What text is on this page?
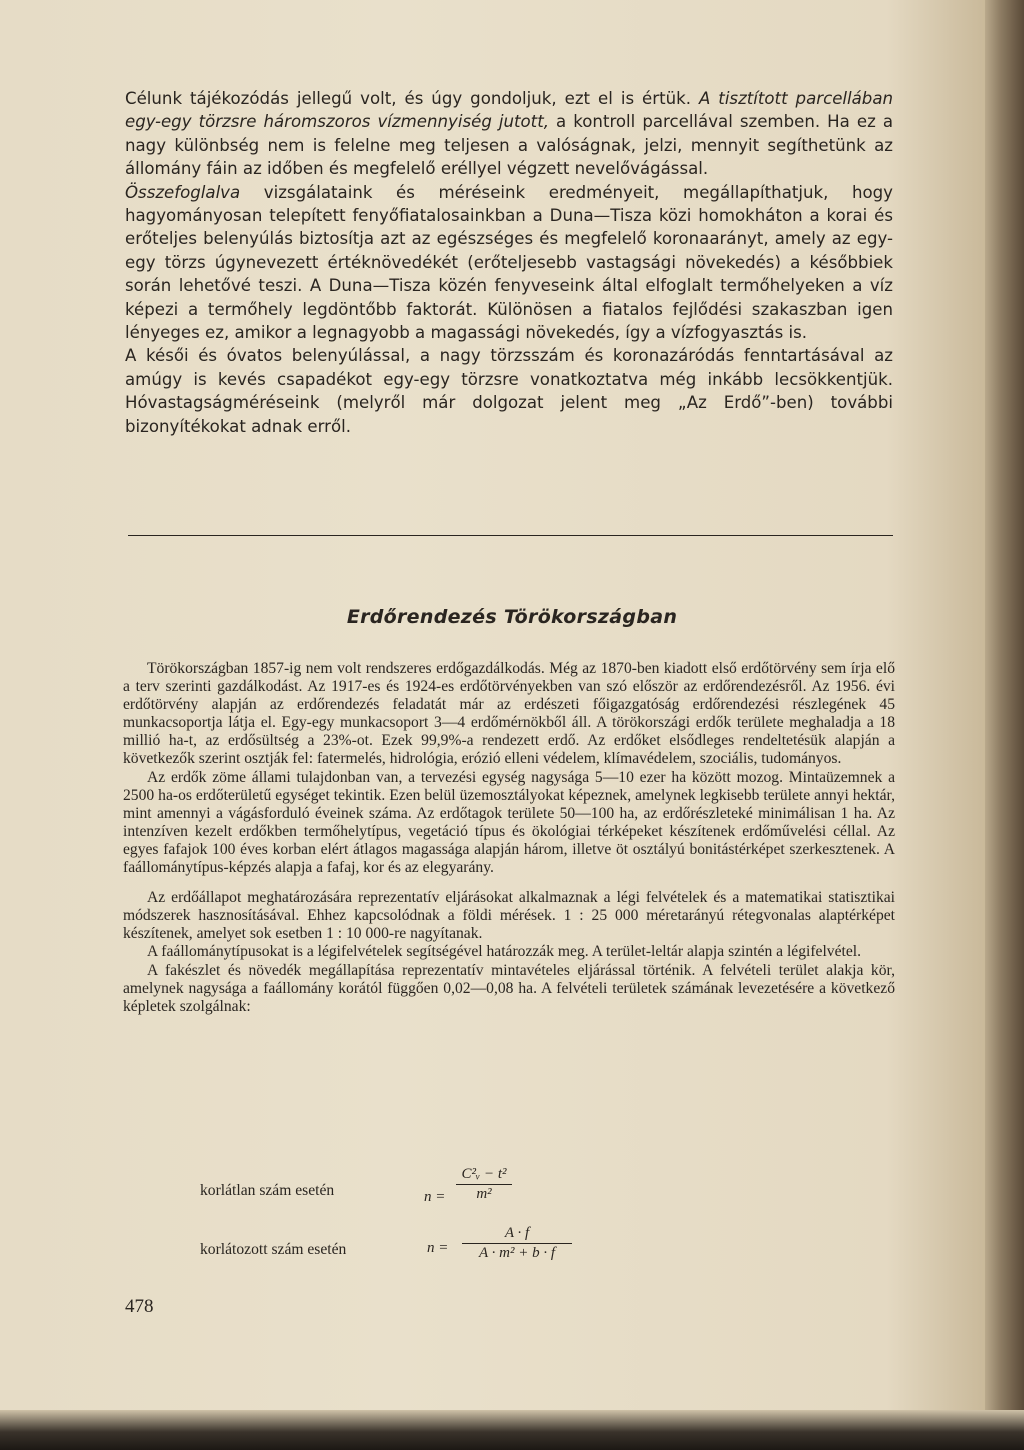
Célunk tájékozódás jellegű volt, és úgy gondoljuk, ezt el is értük. A tisztított parcellában egy-egy törzsre háromszoros vízmennyiség jutott, a kontroll parcellával szemben. Ha ez a nagy különbség nem is felelne meg teljesen a valóságnak, jelzi, mennyit segíthetünk az állomány fáin az időben és megfelelő eréllyel végzett nevelővágással.

Összefoglalva vizsgálataink és méréseink eredményeit, megállapíthatjuk, hogy hagyományosan telepített fenyőfiatalosainkban a Duna—Tisza közi homokháton a korai és erőteljes belenyúlás biztosítja azt az egészséges és megfelelő koronaarányt, amely az egy-egy törzs úgynevezett értéknövedékét (erőteljesebb vastagsági növekedés) a későbbiek során lehetővé teszi. A Duna—Tisza közén fenyveseink által elfoglalt termőhelyeken a víz képezi a termőhely legdöntőbb faktorát. Különösen a fiatalos fejlődési szakaszban igen lényeges ez, amikor a legnagyobb a magassági növekedés, így a vízfogyasztás is.

A késői és óvatos belenyúlással, a nagy törzsszám és koronazáródás fenntartásával az amúgy is kevés csapadékot egy-egy törzsre vonatkoztatva még inkább lecsökkentjük. Hóvastagságméréseink (melyről már dolgozat jelent meg „Az Erdő”-ben) további bizonyítékokat adnak erről.

Erdőrendezés Törökországban

Törökországban 1857-ig nem volt rendszeres erdőgazdálkodás. Még az 1870-ben kiadott első erdőtörvény sem írja elő a terv szerinti gazdálkodást. Az 1917-es és 1924-es erdőtörvényekben van szó először az erdőrendezésről. Az 1956. évi erdőtörvény alapján az erdőrendezés feladatát már az erdészeti főigazgatóság erdőrendezési részlegének 45 munkacsoportja látja el. Egy-egy munkacsoport 3—4 erdőmérnökből áll. A törökországi erdők területe meghaladja a 18 millió ha-t, az erdősültség a 23%-ot. Ezek 99,9%-a rendezett erdő. Az erdőket elsődleges rendeltetésük alapján a következők szerint osztják fel: fatermelés, hidrológia, erózió elleni védelem, klímavédelem, szociális, tudományos.

Az erdők zöme állami tulajdonban van, a tervezési egység nagysága 5—10 ezer ha között mozog. Mintaüzemnek a 2500 ha-os erdőterületű egységet tekintik. Ezen belül üzemosztályokat képeznek, amelynek legkisebb területe annyi hektár, mint amennyi a vágásforduló éveinek száma. Az erdőtagok területe 50—100 ha, az erdőrészleteké minimálisan 1 ha. Az intenzíven kezelt erdőkben termőhelytípus, vegetáció típus és ökológiai térképeket készítenek erdőművelési céllal. Az egyes fafajok 100 éves korban elért átlagos magassága alapján három, illetve öt osztályú bonitástérképet szerkesztenek. A faállománytípus-képzés alapja a fafaj, kor és az elegyarány.

Az erdőállapot meghatározására reprezentatív eljárásokat alkalmaznak a légi felvételek és a matematikai statisztikai módszerek hasznosításával. Ehhez kapcsolódnak a földi mérések. 1 : 25 000 méretarányú rétegvonalas alaptérképet készítenek, amelyet sok esetben 1 : 10 000-re nagyítanak.

A faállománytípusokat is a légifelvételek segítségével határozzák meg. A terület-leltár alapja szintén a légifelvétel.

A fakészlet és növedék megállapítása reprezentatív mintavételes eljárással történik. A felvételi terület alakja kör, amelynek nagysága a faállomány korától függően 0,02—0,08 ha. A felvételi területek számának levezetésére a következő képletek szolgálnak:

korlátlan szám esetén	n =
C²ᵥ − t²
m²
korlátozott szám esetén	n =
A · f
A · m² + b · f
478
